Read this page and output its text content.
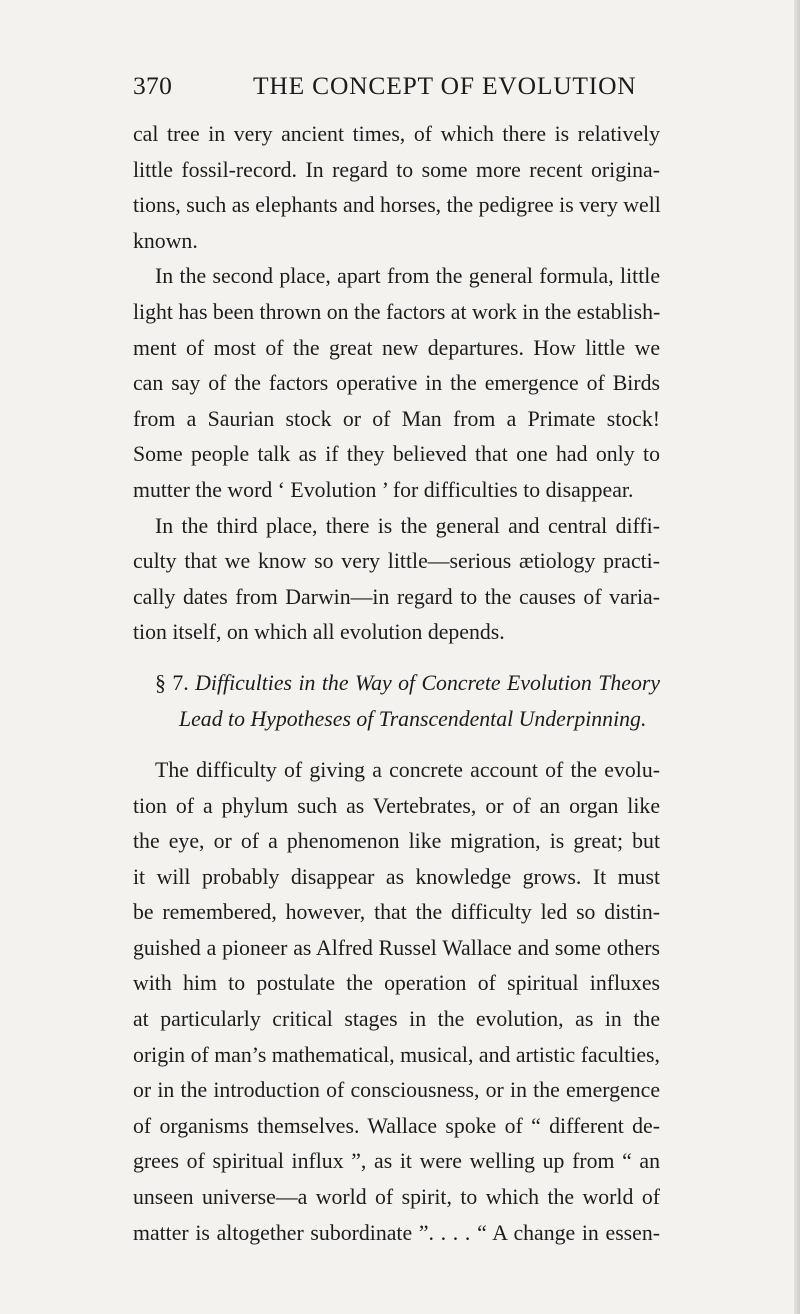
370	THE CONCEPT OF EVOLUTION
cal tree in very ancient times, of which there is relatively
little fossil-record. In regard to some more recent origina-
tions, such as elephants and horses, the pedigree is very well
known.
In the second place, apart from the general formula, little
light has been thrown on the factors at work in the establish-
ment of most of the great new departures. How little we
can say of the factors operative in the emergence of Birds
from a Saurian stock or of Man from a Primate stock!
Some people talk as if they believed that one had only to
mutter the word ‘ Evolution ’ for difficulties to disappear.
In the third place, there is the general and central diffi-
culty that we know so very little—serious ætiology practi-
cally dates from Darwin—in regard to the causes of varia-
tion itself, on which all evolution depends.
§ 7. Difficulties in the Way of Concrete Evolution Theory
Lead to Hypotheses of Transcendental Underpinning.
The difficulty of giving a concrete account of the evolu-
tion of a phylum such as Vertebrates, or of an organ like
the eye, or of a phenomenon like migration, is great; but
it will probably disappear as knowledge grows. It must
be remembered, however, that the difficulty led so distin-
guished a pioneer as Alfred Russel Wallace and some others
with him to postulate the operation of spiritual influxes
at particularly critical stages in the evolution, as in the
origin of man’s mathematical, musical, and artistic faculties,
or in the introduction of consciousness, or in the emergence
of organisms themselves. Wallace spoke of “ different de-
grees of spiritual influx ”, as it were welling up from “ an
unseen universe—a world of spirit, to which the world of
matter is altogether subordinate ”. . . . “ A change in essen-
